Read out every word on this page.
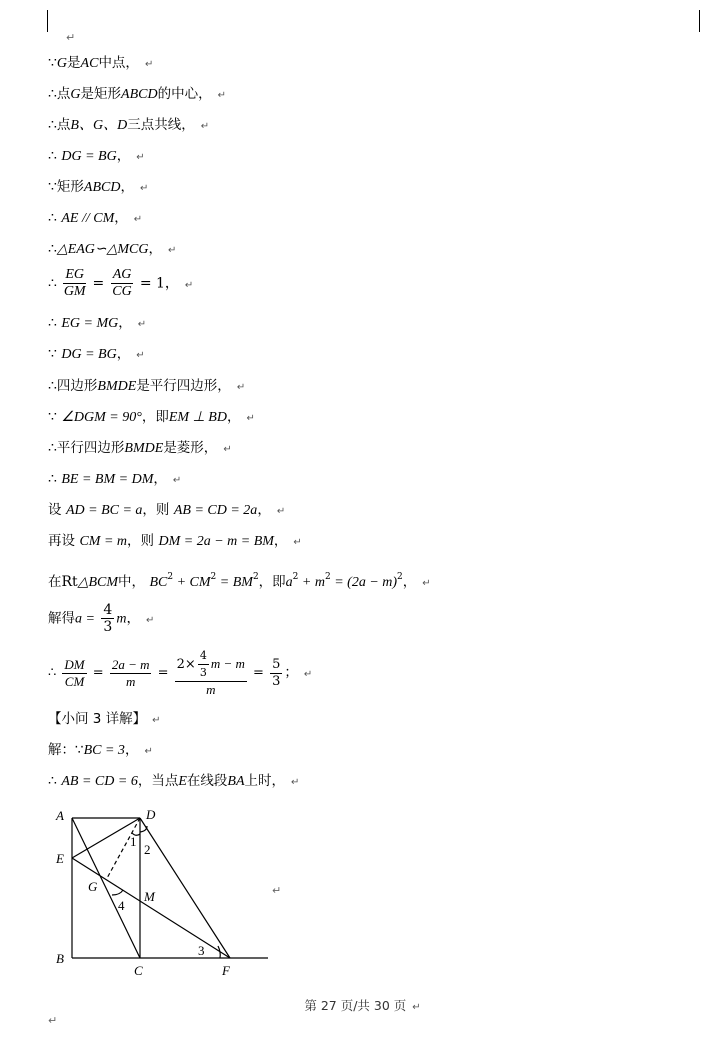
↵
∵G是AC中点， ↵
∴点G是矩形ABCD的中心， ↵
∴点B、G、D三点共线， ↵
∴ DG = BG， ↵
∵矩形ABCD， ↵
∴ AE // CM， ↵
∴△EAG∽△MCG， ↵
∴ $\frac{EG}{GM} = \frac{AG}{CG} = 1$， ↵
∴ EG = MG， ↵
∵ DG = BG， ↵
∴四边形BMDE是平行四边形， ↵
∵ ∠DGM = 90°，即EM ⊥ BD， ↵
∴平行四边形BMDE是菱形， ↵
∴ BE = BM = DM， ↵
设 AD = BC = a，则 AB = CD = 2a， ↵
再设 CM = m，则 DM = 2a − m = BM， ↵
在Rt△BCM中， $BC^2 + CM^2 = BM^2$，即$a^2 + m^2 = (2a - m)^2$， ↵
解得$a = \frac{4}{3}$ m， ↵
∴ $\frac{DM}{CM} = \frac{2a - m}{m} = \frac{2\times \frac{4}{3} m - m}{m} = \frac{5}{3}$ ； ↵
【小问 3 详解】 ↵
解：∵BC = 3， ↵
∴ AB = CD = 6，当点E在线段BA上时， ↵
A	D
E
G
M
B
C	F
1
2
3
4
↵
第 27 页/共 30 页 ↵
↵
